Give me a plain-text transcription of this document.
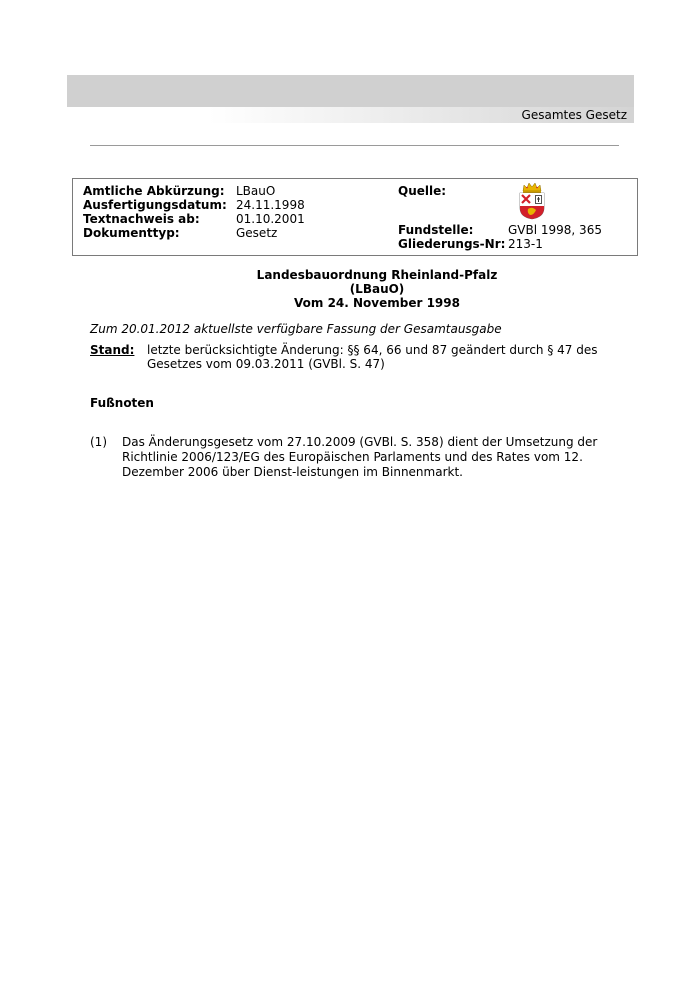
Gesamtes Gesetz
Amtliche Abkürzung: LBauO
Ausfertigungsdatum: 24.11.1998
Textnachweis ab:	01.10.2001
Dokumenttyp:	Gesetz
Quelle:
Fundstelle:	GVBl 1998, 365
Gliederungs-Nr: 213-1
Landesbauordnung Rheinland-Pfalz
(LBauO)
Vom 24. November 1998
Zum 20.01.2012 aktuellste verfügbare Fassung der Gesamtausgabe
Stand: letzte berücksichtigte Änderung: §§ 64, 66 und 87 geändert durch § 47 des Gesetzes vom 09.03.2011 (GVBl. S. 47)
Fußnoten
(1) Das Änderungsgesetz vom 27.10.2009 (GVBl. S. 358) dient der Umsetzung der Richtlinie 2006/123/EG des Europäischen Parlaments und des Rates vom 12. Dezember 2006 über Dienst-leistungen im Binnenmarkt.
